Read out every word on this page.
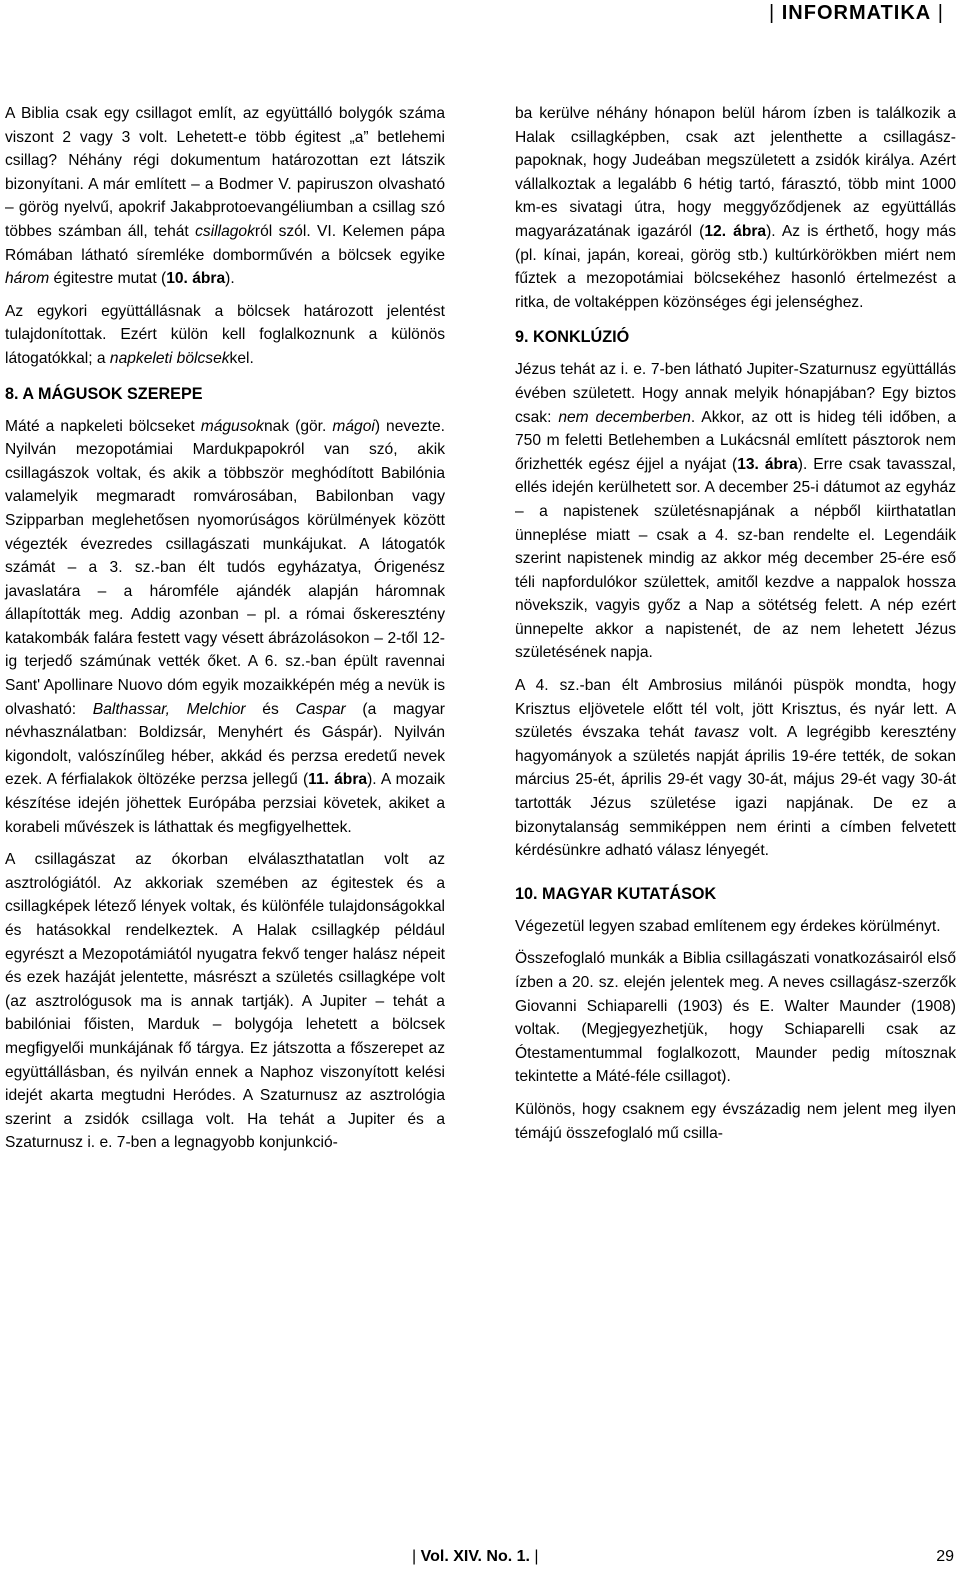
| INFORMATIKA |

A Biblia csak egy csillagot említ, az együttálló bolygók száma viszont 2 vagy 3 volt. Lehetett-e több égitest „a” betlehemi csillag? Néhány régi dokumentum határozottan ezt látszik bizonyítani. A már említett – a Bodmer V. papiruszon olvasható – görög nyelvű, apokrif Jakabprotoevangéliumban a csillag szó többes számban áll, tehát csillagokról szól. VI. Kelemen pápa Rómában látható síremléke domborművén a bölcsek egyike három égitestre mutat (10. ábra).

Az egykori együttállásnak a bölcsek határozott jelentést tulajdonítottak. Ezért külön kell foglalkoznunk a különös látogatókkal; a napkeleti bölcsekkel.

8. A MÁGUSOK SZEREPE

Máté a napkeleti bölcseket mágusoknak (gör. mágoi) nevezte. Nyilván mezopotámiai Mardukpapokról van szó, akik csillagászok voltak, és akik a többször meghódított Babilónia valamelyik megmaradt romvárosában, Babilonban vagy Szipparban meglehetősen nyomorúságos körülmények között végezték évezredes csillagászati munkájukat. A látogatók számát – a 3. sz.-ban élt tudós egyházatya, Órigenész javaslatára – a háromféle ajándék alapján háromnak állapították meg. Addig azonban – pl. a római őskeresztény katakombák falára festett vagy vésett ábrázolásokon – 2-től 12-ig terjedő számúnak vették őket. A 6. sz.-ban épült ravennai Sant' Apollinare Nuovo dóm egyik mozaikképén még a nevük is olvasható: Balthassar, Melchior és Caspar (a magyar névhasználatban: Boldizsár, Menyhért és Gáspár). Nyilván kigondolt, valószínűleg héber, akkád és perzsa eredetű nevek ezek. A férfialakok öltözéke perzsa jellegű (11. ábra). A mozaik készítése idején jöhettek Európába perzsiai követek, akiket a korabeli művészek is láthattak és megfigyelhettek.

A csillagászat az ókorban elválaszthatatlan volt az asztrológiától. Az akkoriak szemében az égitestek és a csillagképek létező lények voltak, és különféle tulajdonságokkal és hatásokkal rendelkeztek. A Halak csillagkép például egyrészt a Mezopotámiától nyugatra fekvő tenger halász népeit és ezek hazáját jelentette, másrészt a születés csillagképe volt (az asztrológusok ma is annak tartják). A Jupiter – tehát a babilóniai főisten, Marduk – bolygója lehetett a bölcsek megfigyelői munkájának fő tárgya. Ez játszotta a főszerepet az együttállásban, és nyilván ennek a Naphoz viszonyított kelési idejét akarta megtudni Heródes. A Szaturnusz az asztrológia szerint a zsidók csillaga volt. Ha tehát a Jupiter és a Szaturnusz i. e. 7-ben a legnagyobb konjunkció-

ba kerülve néhány hónapon belül három ízben is találkozik a Halak csillagképben, csak azt jelenthette a csillagász-papoknak, hogy Judeában megszületett a zsidók királya. Azért vállalkoztak a legalább 6 hétig tartó, fárasztó, több mint 1000 km-es sivatagi útra, hogy meggyőződjenek az együttállás magyarázatának igazáról (12. ábra). Az is érthető, hogy más (pl. kínai, japán, koreai, görög stb.) kultúrkörökben miért nem fűztek a mezopotámiai bölcsekéhez hasonló értelmezést a ritka, de voltaképpen közönséges égi jelenséghez.

9. KONKLÚZIÓ

Jézus tehát az i. e. 7-ben látható Jupiter-Szaturnusz együttállás évében született. Hogy annak melyik hónapjában? Egy biztos csak: nem decemberben. Akkor, az ott is hideg téli időben, a 750 m feletti Betlehemben a Lukácsnál említett pásztorok nem őrizhették egész éjjel a nyájat (13. ábra). Erre csak tavasszal, ellés idején kerülhetett sor. A december 25-i dátumot az egyház – a napistenek születésnapjának a népből kiirthatatlan ünneplése miatt – csak a 4. sz-ban rendelte el. Legendáik szerint napistenek mindig az akkor még december 25-ére eső téli napfordulókor születtek, amitől kezdve a nappalok hossza növekszik, vagyis győz a Nap a sötétség felett. A nép ezért ünnepelte akkor a napistenét, de az nem lehetett Jézus születésének napja.

A 4. sz.-ban élt Ambrosius milánói püspök mondta, hogy Krisztus eljövetele előtt tél volt, jött Krisztus, és nyár lett. A születés évszaka tehát tavasz volt. A legrégibb keresztény hagyományok a születés napját április 19-ére tették, de sokan március 25-ét, április 29-ét vagy 30-át, május 29-ét vagy 30-át tartották Jézus születése igazi napjának. De ez a bizonytalanság semmiképpen nem érinti a címben felvetett kérdésünkre adható válasz lényegét.

10. MAGYAR KUTATÁSOK

Végezetül legyen szabad említenem egy érdekes körülményt.

Összefoglaló munkák a Biblia csillagászati vonatkozásairól első ízben a 20. sz. elején jelentek meg. A neves csillagász-szerzők Giovanni Schiaparelli (1903) és E. Walter Maunder (1908) voltak. (Megjegyezhetjük, hogy Schiaparelli csak az Ótestamentummal foglalkozott, Maunder pedig mítosznak tekintette a Máté-féle csillagot).

Különös, hogy csaknem egy évszázadig nem jelent meg ilyen témájú összefoglaló mű csilla-

| Vol. XIV. No. 1. |	29
